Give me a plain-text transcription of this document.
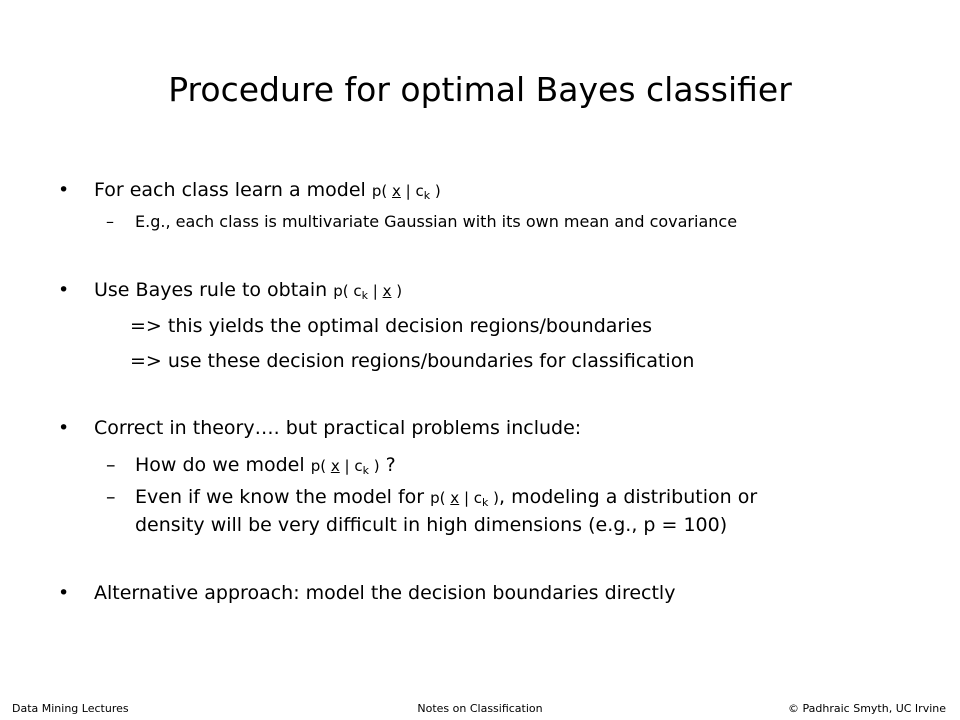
Procedure for optimal Bayes classifier
• For each class learn a model p( x | $c_k$ )
– E.g., each class is multivariate Gaussian with its own mean and covariance
• Use Bayes rule to obtain p( $c_k$ | x )
=> this yields the optimal decision regions/boundaries
=> use these decision regions/boundaries for classification
• Correct in theory…. but practical problems include:
– How do we model p( x | $c_k$ ) ?
– Even if we know the model for p( x | $c_k$ ), modeling a distribution or
density will be very difficult in high dimensions (e.g., p = 100)
• Alternative approach: model the decision boundaries directly
Data Mining Lectures	Notes on Classification	© Padhraic Smyth, UC Irvine
